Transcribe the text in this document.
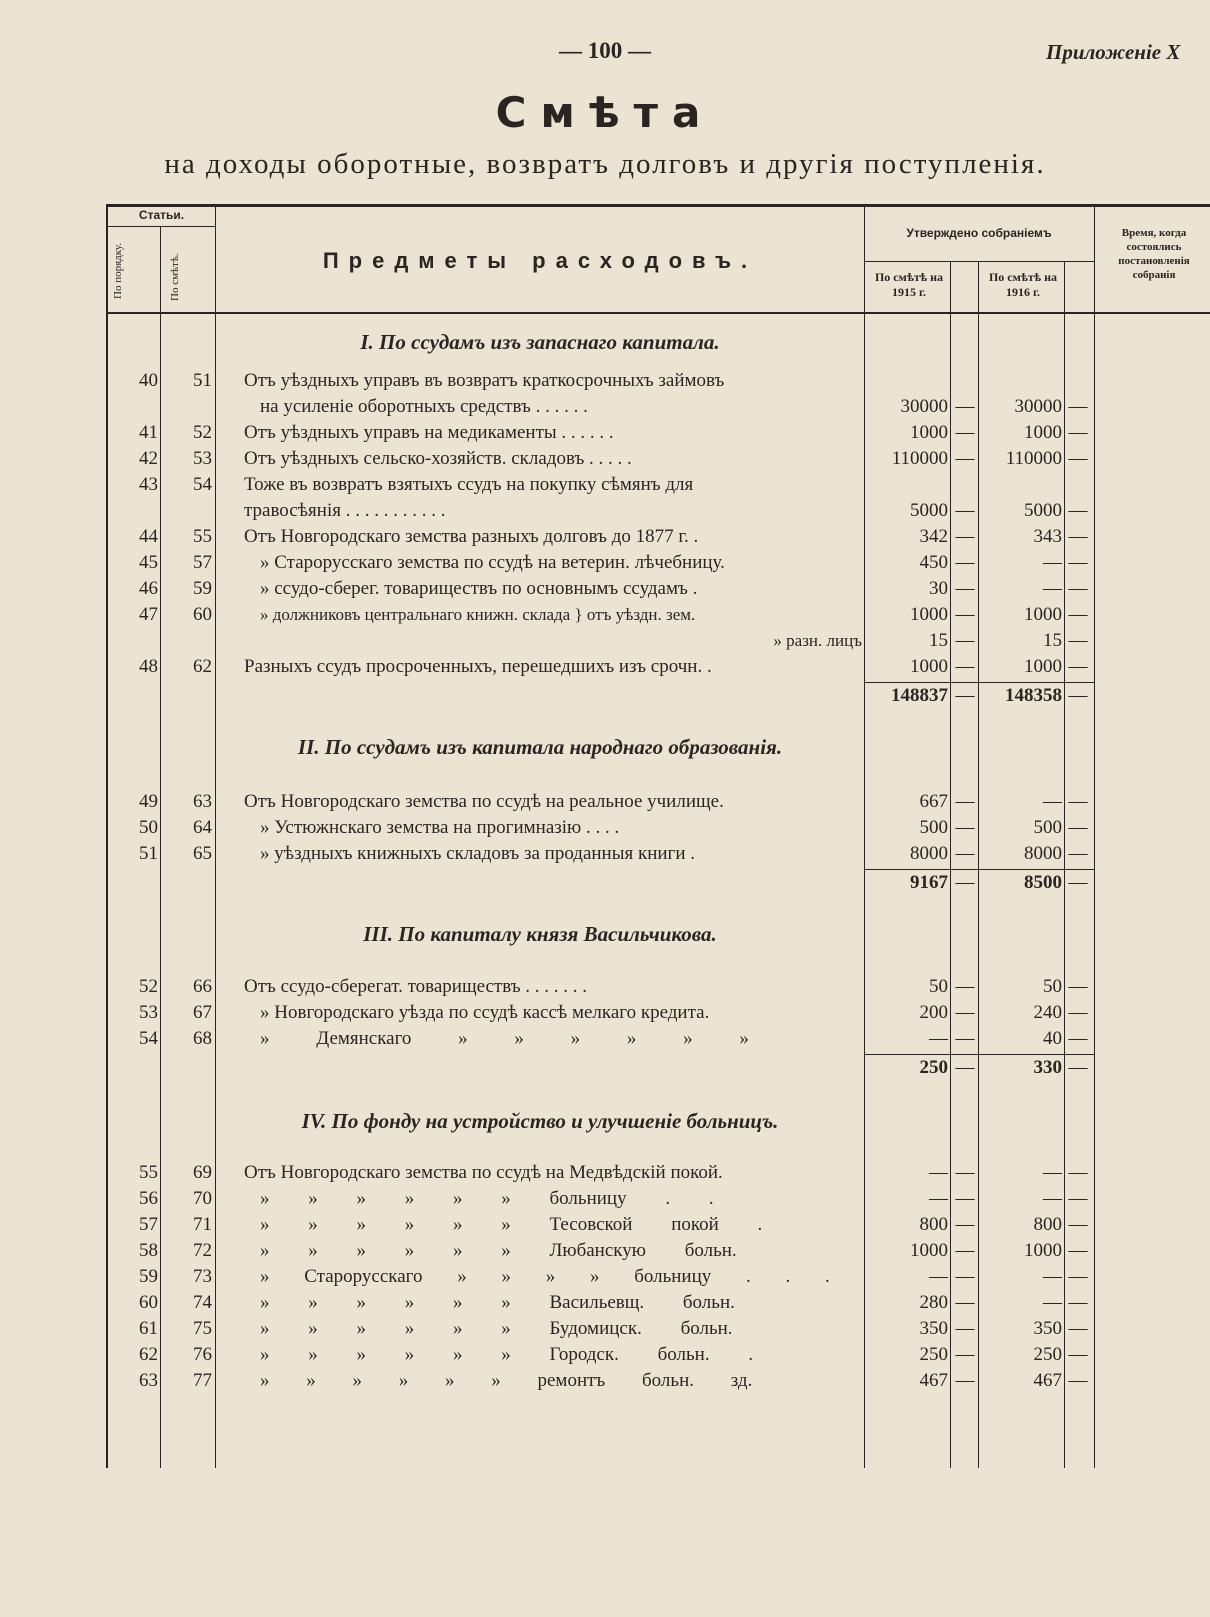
— 100 —	Приложеніе X
Смѣта
на доходы оборотные, возвратъ долговъ и другія поступленія.
Статьи.
По порядку.	По смѣтѣ.	Предметы расходовъ.
Утверждено собраніемъ
По смѣтѣ на 1915 г.
По смѣтѣ на 1916 г.
Время, когда состоялись постановленія собранія
I. По ссудамъ изъ запаснаго капитала.
40	51 Отъ уѣздныхъ управъ въ возвратъ краткосрочныхъ займовъ
на усиленіе оборотныхъ средствъ . . . . . .	30000 —	30000 —
41	52 Отъ уѣздныхъ управъ на медикаменты . . . . . .	1000 —	1000 —
42	53 Отъ уѣздныхъ сельско-хозяйств. складовъ . . . . .	110000 —	110000 —
43	54 Тоже въ возвратъ взятыхъ ссудъ на покупку сѣмянъ для
травосѣянія . . . . . . . . . . .	5000 —	5000 —
44	55 Отъ Новгородскаго земства разныхъ долговъ до 1877 г. .	342 —	343 —
45	57	» Старорусскаго земства по ссудѣ на ветерин. лѣчебницу.	450 —	— —
46	59	» ссудо-сберег. товариществъ по основнымъ ссудамъ .	30 —	— —
47	60	» должниковъ центральнаго книжн. склада } отъ уѣздн. зем.	1000 —	1000 —
» разн. лицъ	15 —	15 —
48	62 Разныхъ ссудъ просроченныхъ, перешедшихъ изъ срочн. .	1000 —	1000 —
148837 —	148358 —
II. По ссудамъ изъ капитала народнаго образованія.
49	63 Отъ Новгородскаго земства по ссудѣ на реальное училище.	667 —	— —
50	64	» Устюжнскаго земства на прогимназію . . . .	500 —	500 —
51	65	» уѣздныхъ книжныхъ складовъ за проданныя книги .	8000 —	8000 —
9167 —	8500 —
III. По капиталу князя Васильчикова.
52	66 Отъ ссудо-сберегат. товариществъ . . . . . . .	50 —	50 —
53	67	» Новгородскаго уѣзда по ссудѣ кассѣ мелкаго кредита.	200 —	240 —
54	68	» Демянскаго » » » » » »	— —	40 —
250 —	330 —
IV. По фонду на устройство и улучшеніе больницъ.
55	69 Отъ Новгородскаго земства по ссудѣ на Медвѣдскій покой.	— —	— —
56	70	» » » » » » больницу . .	— —	— —
57	71	» » » » » » Тесовской покой .	800 —	800 —
58	72	» » » » » » Любанскую больн.	1000 —	1000 —
59	73	» Старорусскаго » » » » больницу . . .	— —	— —
60	74	» » » » » » Васильевщ. больн.	280 —	— —
61	75	» » » » » » Будомицск. больн.	350 —	350 —
62	76	» » » » » » Городск. больн. .	250 —	250 —
63	77	» » » » » » ремонтъ больн. зд.	467 —	467 —
